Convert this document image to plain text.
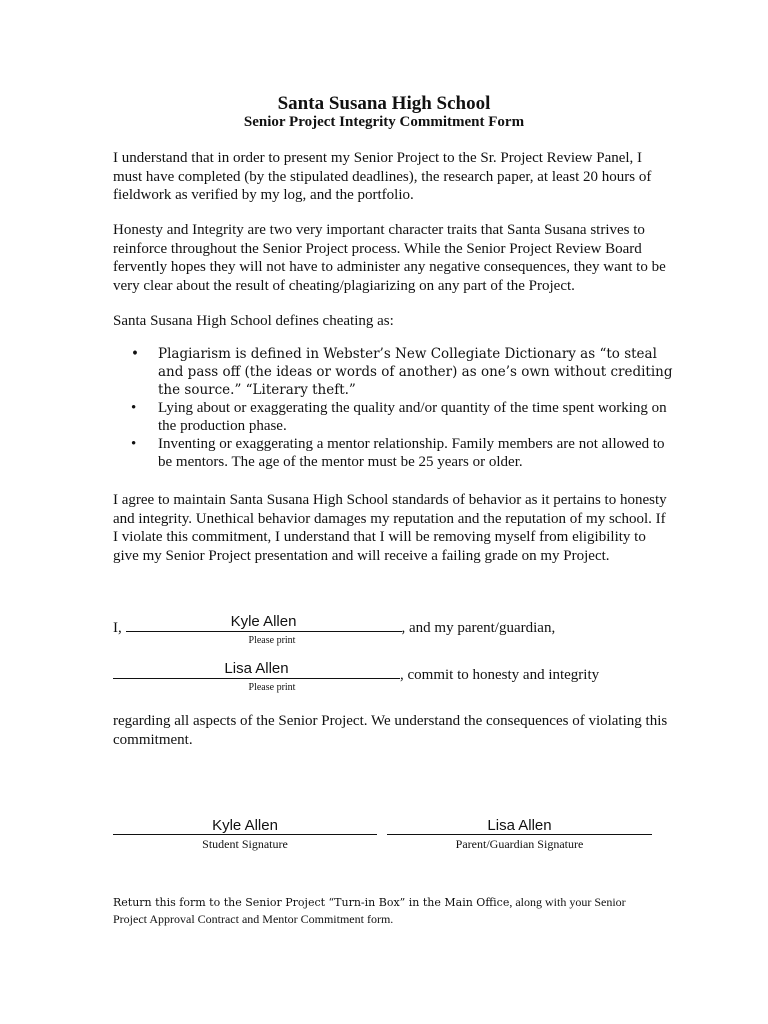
Santa Susana High School
Senior Project Integrity Commitment Form

I understand that in order to present my Senior Project to the Sr. Project Review Panel, I must have completed (by the stipulated deadlines), the research paper, at least 20 hours of fieldwork as verified by my log, and the portfolio.

Honesty and Integrity are two very important character traits that Santa Susana strives to reinforce throughout the Senior Project process. While the Senior Project Review Board fervently hopes they will not have to administer any negative consequences, they want to be very clear about the result of cheating/plagiarizing on any part of the Project.

Santa Susana High School defines cheating as:

• Plagiarism is defined in Webster’s New Collegiate Dictionary as “to steal and pass off (the ideas or words of another) as one’s own without crediting the source.” “Literary theft.”
• Lying about or exaggerating the quality and/or quantity of the time spent working on the production phase.
• Inventing or exaggerating a mentor relationship. Family members are not allowed to be mentors. The age of the mentor must be 25 years or older.

I agree to maintain Santa Susana High School standards of behavior as it pertains to honesty and integrity. Unethical behavior damages my reputation and the reputation of my school. If I violate this commitment, I understand that I will be removing myself from eligibility to give my Senior Project presentation and will receive a failing grade on my Project.

I,	Kyle Allen	, and my parent/guardian,
Please print
Lisa Allen	, commit to honesty and integrity
Please print

regarding all aspects of the Senior Project. We understand the consequences of violating this commitment.

Kyle Allen	Lisa Allen
Student Signature	Parent/Guardian Signature

Return this form to the Senior Project “Turn-in Box” in the Main Office, along with your Senior Project Approval Contract and Mentor Commitment form.
